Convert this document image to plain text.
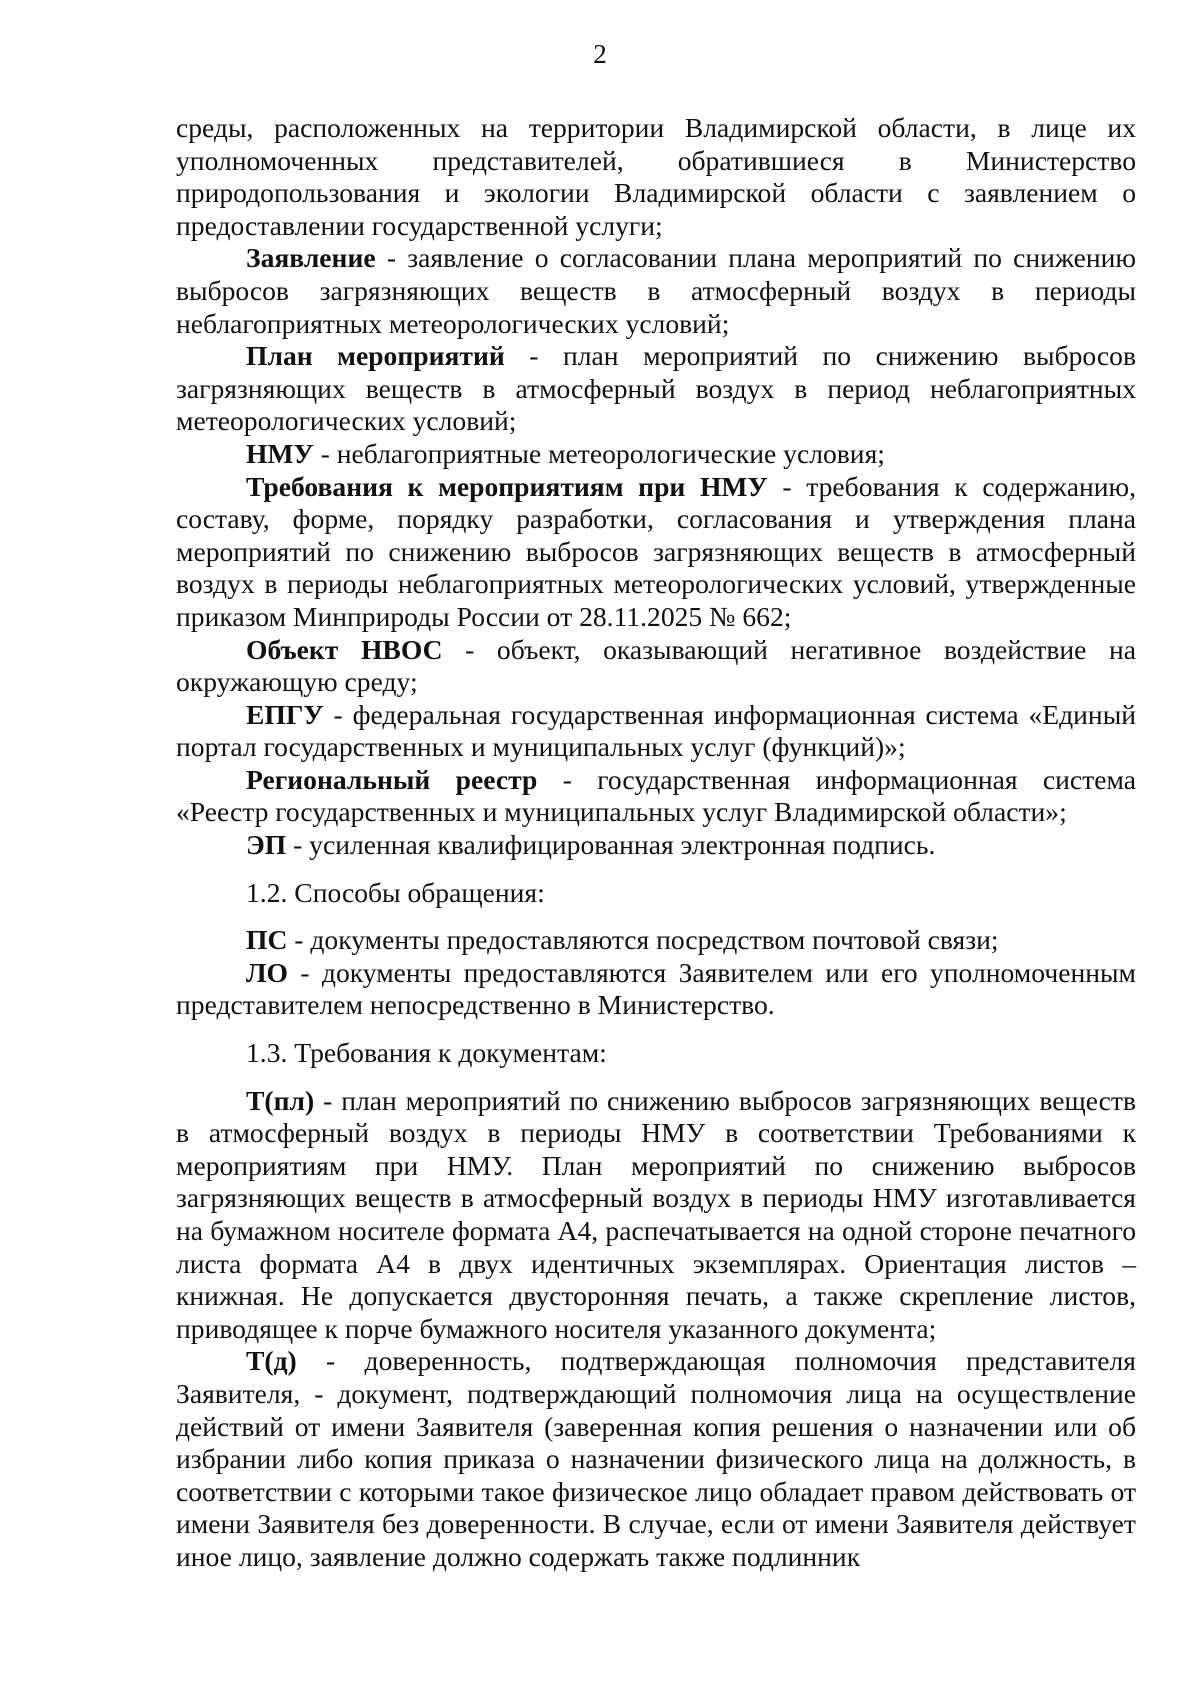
2

среды, расположенных на территории Владимирской области, в лице их уполномоченных представителей, обратившиеся в Министерство природопользования и экологии Владимирской области с заявлением о предоставлении государственной услуги;

Заявление - заявление о согласовании плана мероприятий по снижению выбросов загрязняющих веществ в атмосферный воздух в периоды неблагоприятных метеорологических условий;

План мероприятий - план мероприятий по снижению выбросов загрязняющих веществ в атмосферный воздух в период неблагоприятных метеорологических условий;

НМУ - неблагоприятные метеорологические условия;

Требования к мероприятиям при НМУ - требования к содержанию, составу, форме, порядку разработки, согласования и утверждения плана мероприятий по снижению выбросов загрязняющих веществ в атмосферный воздух в периоды неблагоприятных метеорологических условий, утвержденные приказом Минприроды России от 28.11.2025 № 662;

Объект НВОС - объект, оказывающий негативное воздействие на окружающую среду;

ЕПГУ - федеральная государственная информационная система «Единый портал государственных и муниципальных услуг (функций)»;

Региональный реестр - государственная информационная система «Реестр государственных и муниципальных услуг Владимирской области»;

ЭП - усиленная квалифицированная электронная подпись.

1.2. Способы обращения:

ПС - документы предоставляются посредством почтовой связи;

ЛО - документы предоставляются Заявителем или его уполномоченным представителем непосредственно в Министерство.

1.3. Требования к документам:

Т(пл) - план мероприятий по снижению выбросов загрязняющих веществ в атмосферный воздух в периоды НМУ в соответствии Требованиями к мероприятиям при НМУ. План мероприятий по снижению выбросов загрязняющих веществ в атмосферный воздух в периоды НМУ изготавливается на бумажном носителе формата А4, распечатывается на одной стороне печатного листа формата А4 в двух идентичных экземплярах. Ориентация листов – книжная. Не допускается двусторонняя печать, а также скрепление листов, приводящее к порче бумажного носителя указанного документа;

Т(д) - доверенность, подтверждающая полномочия представителя Заявителя, - документ, подтверждающий полномочия лица на осуществление действий от имени Заявителя (заверенная копия решения о назначении или об избрании либо копия приказа о назначении физического лица на должность, в соответствии с которыми такое физическое лицо обладает правом действовать от имени Заявителя без доверенности. В случае, если от имени Заявителя действует иное лицо, заявление должно содержать также подлинник
